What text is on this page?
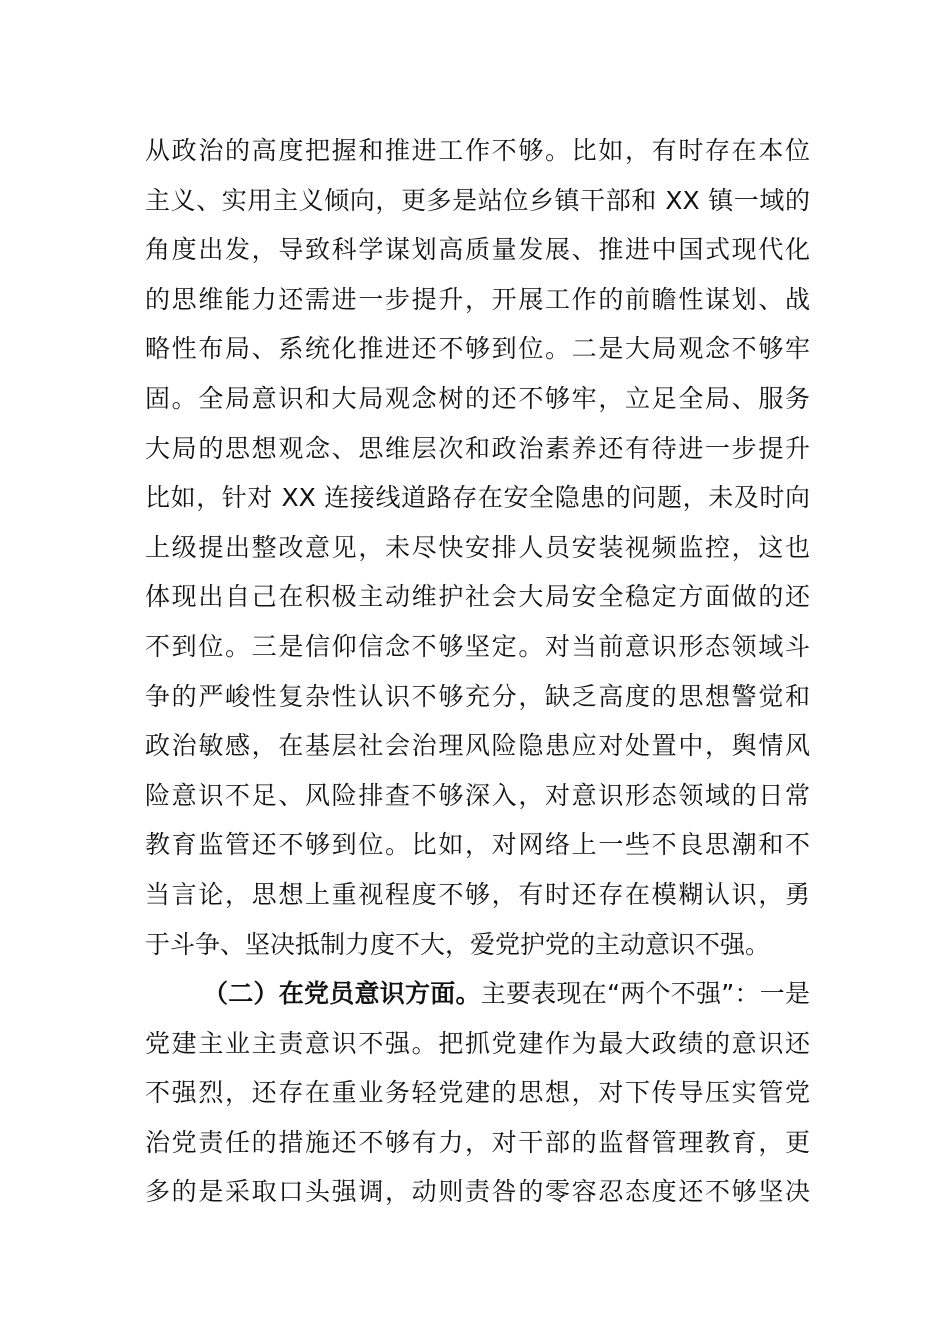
从政治的高度把握和推进工作不够。比如，有时存在本位
主义、实用主义倾向，更多是站位乡镇干部和 XX 镇一域的
角度出发，导致科学谋划高质量发展、推进中国式现代化
的思维能力还需进一步提升，开展工作的前瞻性谋划、战
略性布局、系统化推进还不够到位。二是大局观念不够牢
固。全局意识和大局观念树的还不够牢，立足全局、服务
大局的思想观念、思维层次和政治素养还有待进一步提升
比如，针对 XX 连接线道路存在安全隐患的问题，未及时向
上级提出整改意见，未尽快安排人员安装视频监控，这也
体现出自己在积极主动维护社会大局安全稳定方面做的还
不到位。三是信仰信念不够坚定。对当前意识形态领域斗
争的严峻性复杂性认识不够充分，缺乏高度的思想警觉和
政治敏感，在基层社会治理风险隐患应对处置中，舆情风
险意识不足、风险排查不够深入，对意识形态领域的日常
教育监管还不够到位。比如，对网络上一些不良思潮和不
当言论，思想上重视程度不够，有时还存在模糊认识，勇
于斗争、坚决抵制力度不大，爱党护党的主动意识不强。
（二）在党员意识方面。主要表现在“两个不强”：一是
党建主业主责意识不强。把抓党建作为最大政绩的意识还
不强烈，还存在重业务轻党建的思想，对下传导压实管党
治党责任的措施还不够有力，对干部的监督管理教育，更
多的是采取口头强调，动则责咎的零容忍态度还不够坚决
